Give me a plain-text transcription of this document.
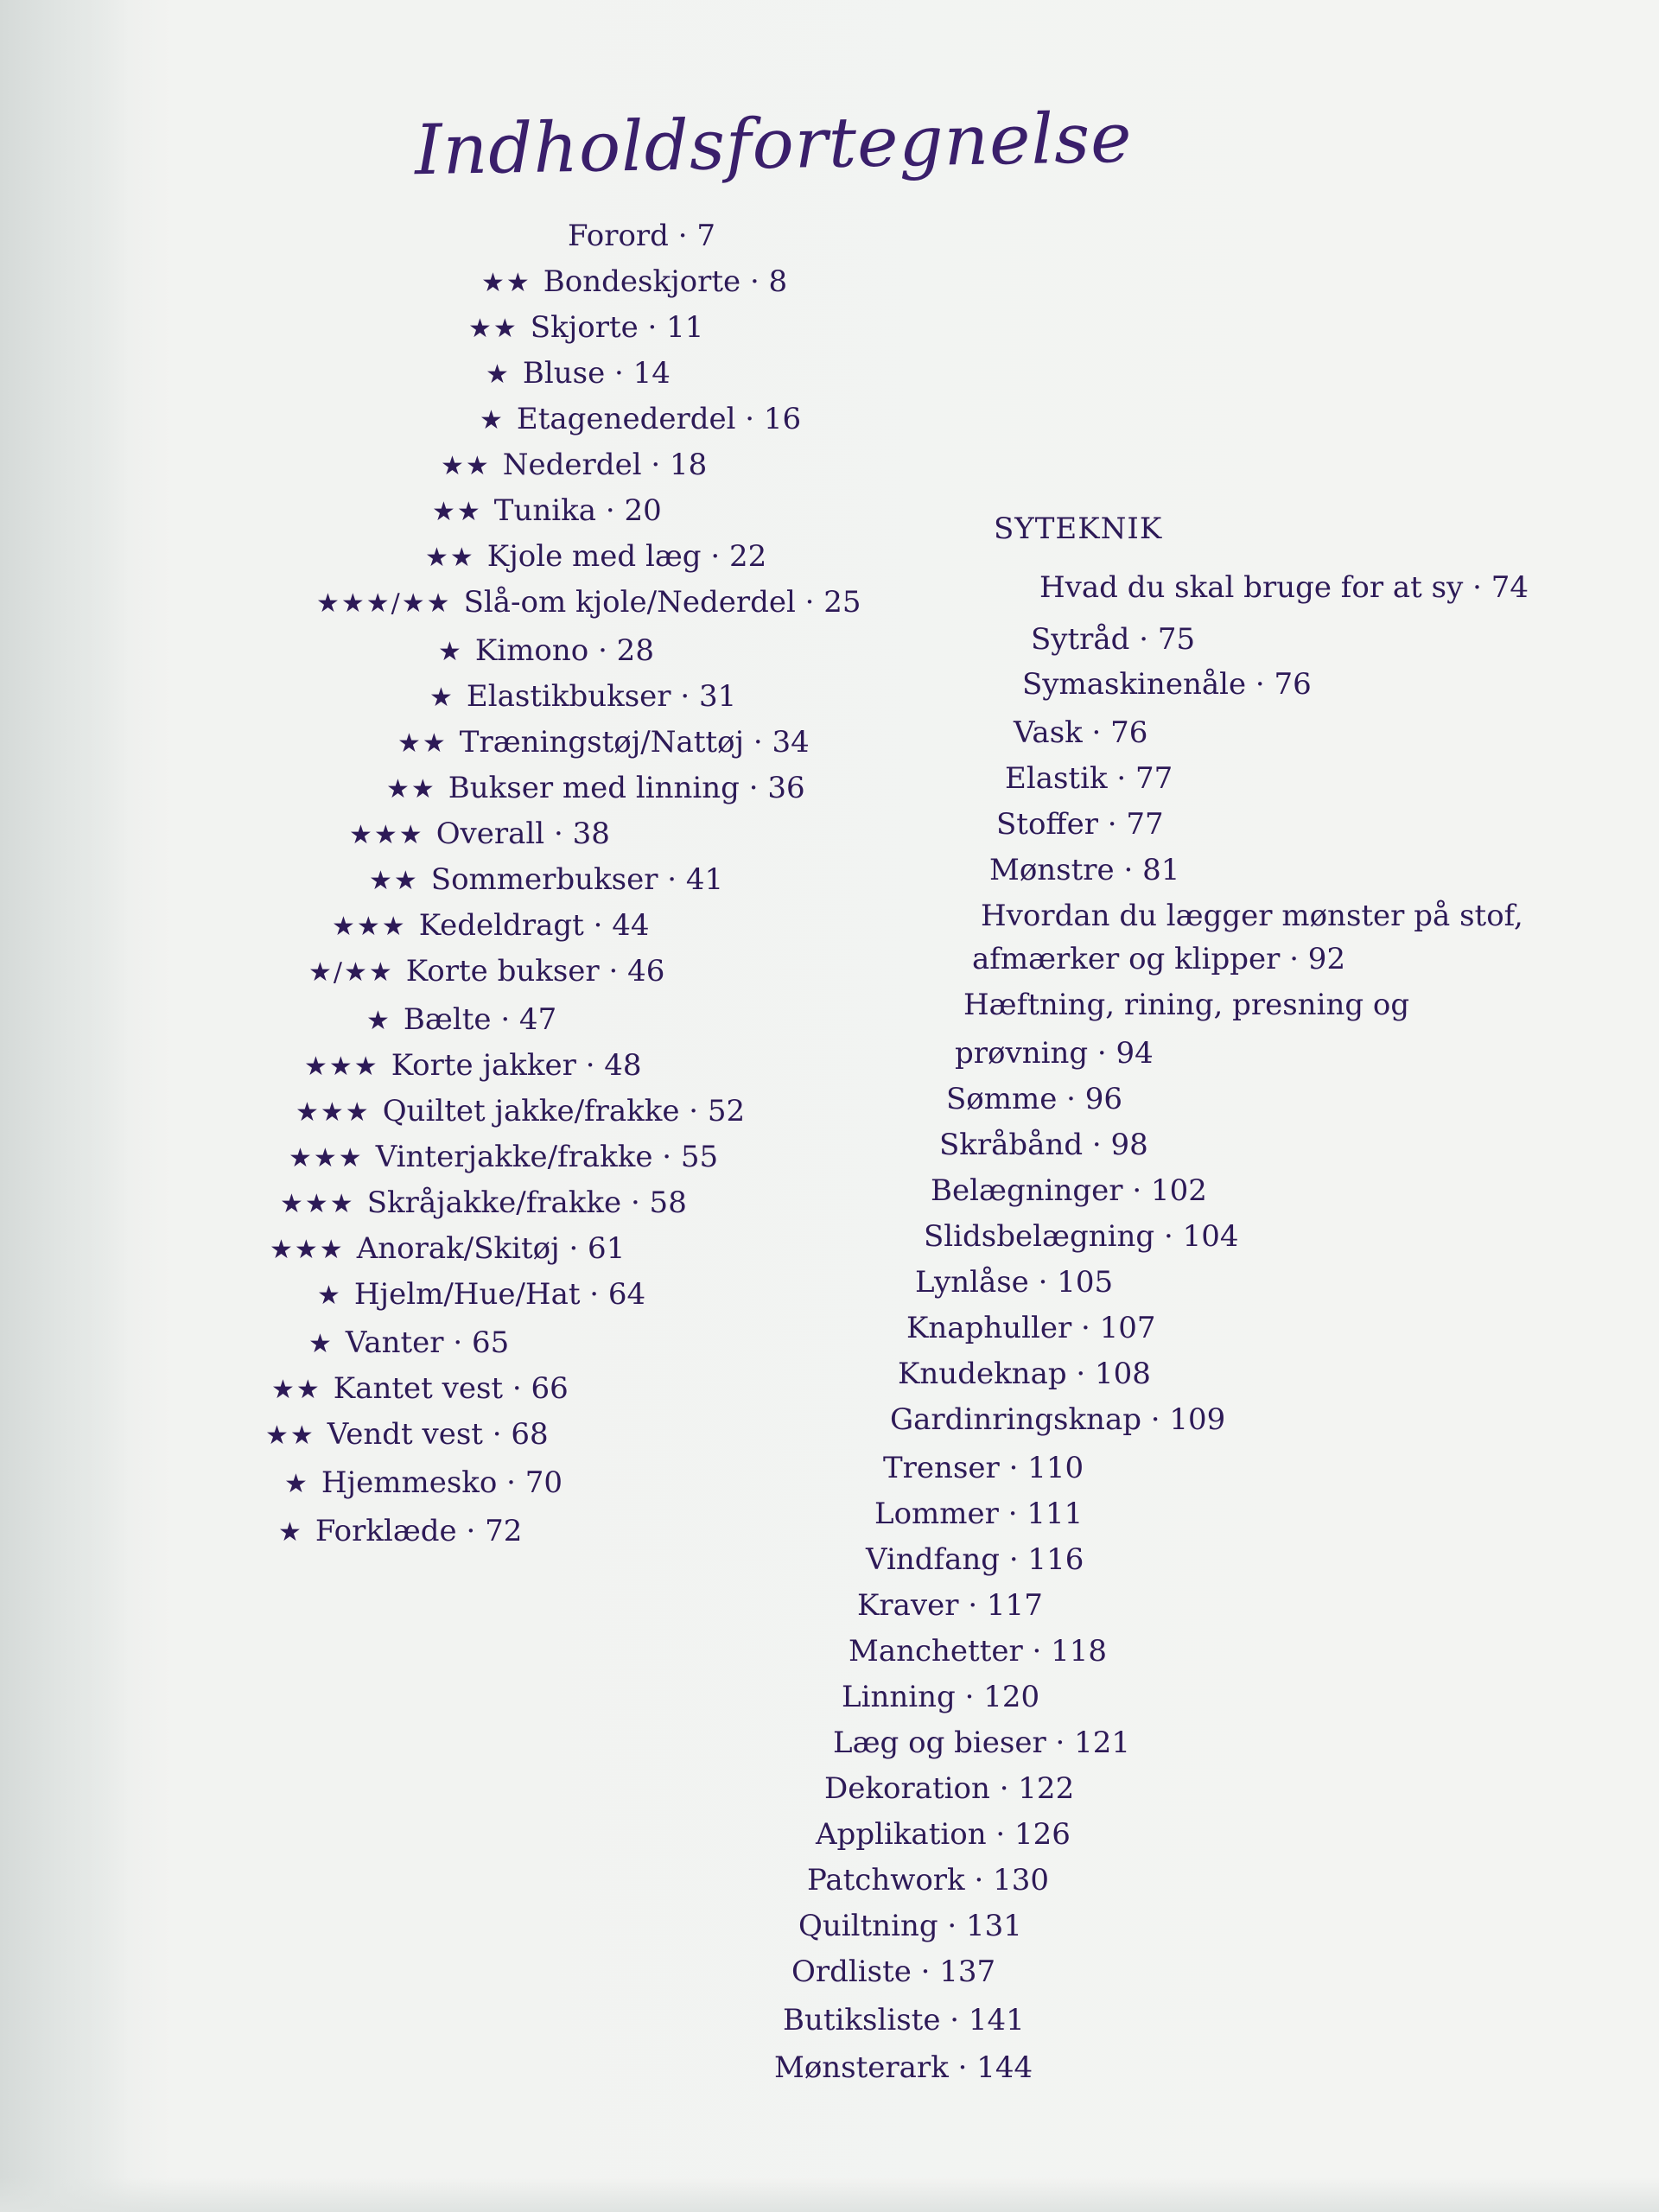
Indholdsfortegnelse
Forord · 7
★★ Bondeskjorte · 8
★★ Skjorte · 11
★ Bluse · 14
★ Etagenederdel · 16
★★ Nederdel · 18
★★ Tunika · 20
★★ Kjole med læg · 22
★★★/★★ Slå-om kjole/Nederdel · 25
★ Kimono · 28
★ Elastikbukser · 31
★★ Træningstøj/Nattøj · 34
★★ Bukser med linning · 36
★★★ Overall · 38
★★ Sommerbukser · 41
★★★ Kedeldragt · 44
★/★★ Korte bukser · 46
★ Bælte · 47
★★★ Korte jakker · 48
★★★ Quiltet jakke/frakke · 52
★★★ Vinterjakke/frakke · 55
★★★ Skråjakke/frakke · 58
★★★ Anorak/Skitøj · 61
★ Hjelm/Hue/Hat · 64
★ Vanter · 65
★★ Kantet vest · 66
★★ Vendt vest · 68
★ Hjemmesko · 70
★ Forklæde · 72
SYTEKNIK
Hvad du skal bruge for at sy · 74
Sytråd · 75
Symaskinenåle · 76
Vask · 76
Elastik · 77
Stoffer · 77
Mønstre · 81
Hvordan du lægger mønster på stof,
afmærker og klipper · 92
Hæftning, rining, presning og
prøvning · 94
Sømme · 96
Skråbånd · 98
Belægninger · 102
Slidsbelægning · 104
Lynlåse · 105
Knaphuller · 107
Knudeknap · 108
Gardinringsknap · 109
Trenser · 110
Lommer · 111
Vindfang · 116
Kraver · 117
Manchetter · 118
Linning · 120
Læg og bieser · 121
Dekoration · 122
Applikation · 126
Patchwork · 130
Quiltning · 131
Ordliste · 137
Butiksliste · 141
Mønsterark · 144
